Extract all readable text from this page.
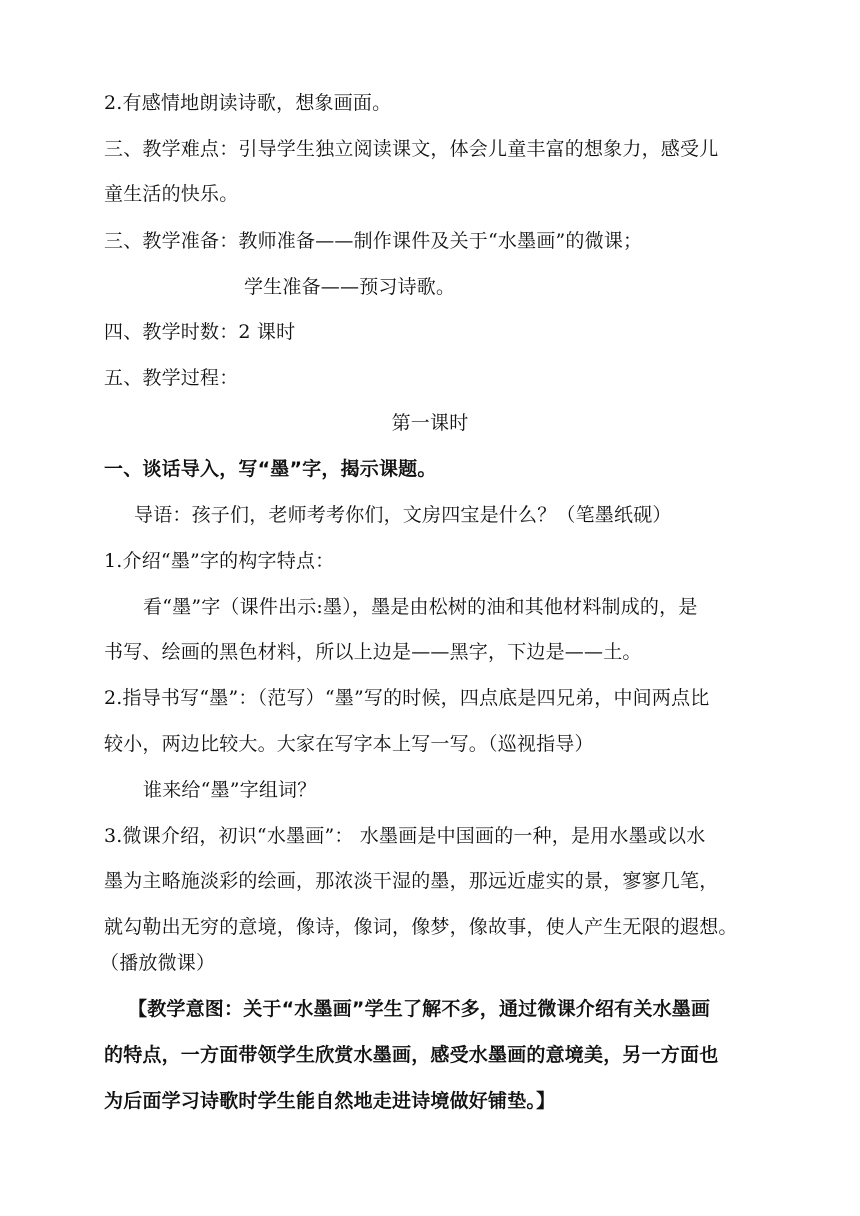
2.有感情地朗读诗歌，想象画面。
三、教学难点：引导学生独立阅读课文，体会儿童丰富的想象力，感受儿
童生活的快乐。
三、教学准备：教师准备——制作课件及关于“水墨画”的微课；
学生准备——预习诗歌。
四、教学时数：2 课时
五、教学过程：
第一课时
一、谈话导入，写“墨”字，揭示课题。
导语：孩子们，老师考考你们，文房四宝是什么？（笔墨纸砚）
1.介绍“墨”字的构字特点：
看“墨”字（课件出示:墨），墨是由松树的油和其他材料制成的，是
书写、绘画的黑色材料，所以上边是——黑字，下边是——土。
2.指导书写“墨”：（范写）“墨”写的时候，四点底是四兄弟，中间两点比
较小，两边比较大。大家在写字本上写一写。（巡视指导）
谁来给“墨”字组词？
3.微课介绍，初识“水墨画”： 水墨画是中国画的一种，是用水墨或以水
墨为主略施淡彩的绘画，那浓淡干湿的墨，那远近虚实的景，寥寥几笔，
就勾勒出无穷的意境，像诗，像词，像梦，像故事，使人产生无限的遐想。
（播放微课）
【教学意图：关于“水墨画”学生了解不多，通过微课介绍有关水墨画
的特点，一方面带领学生欣赏水墨画，感受水墨画的意境美，另一方面也
为后面学习诗歌时学生能自然地走进诗境做好铺垫。】
